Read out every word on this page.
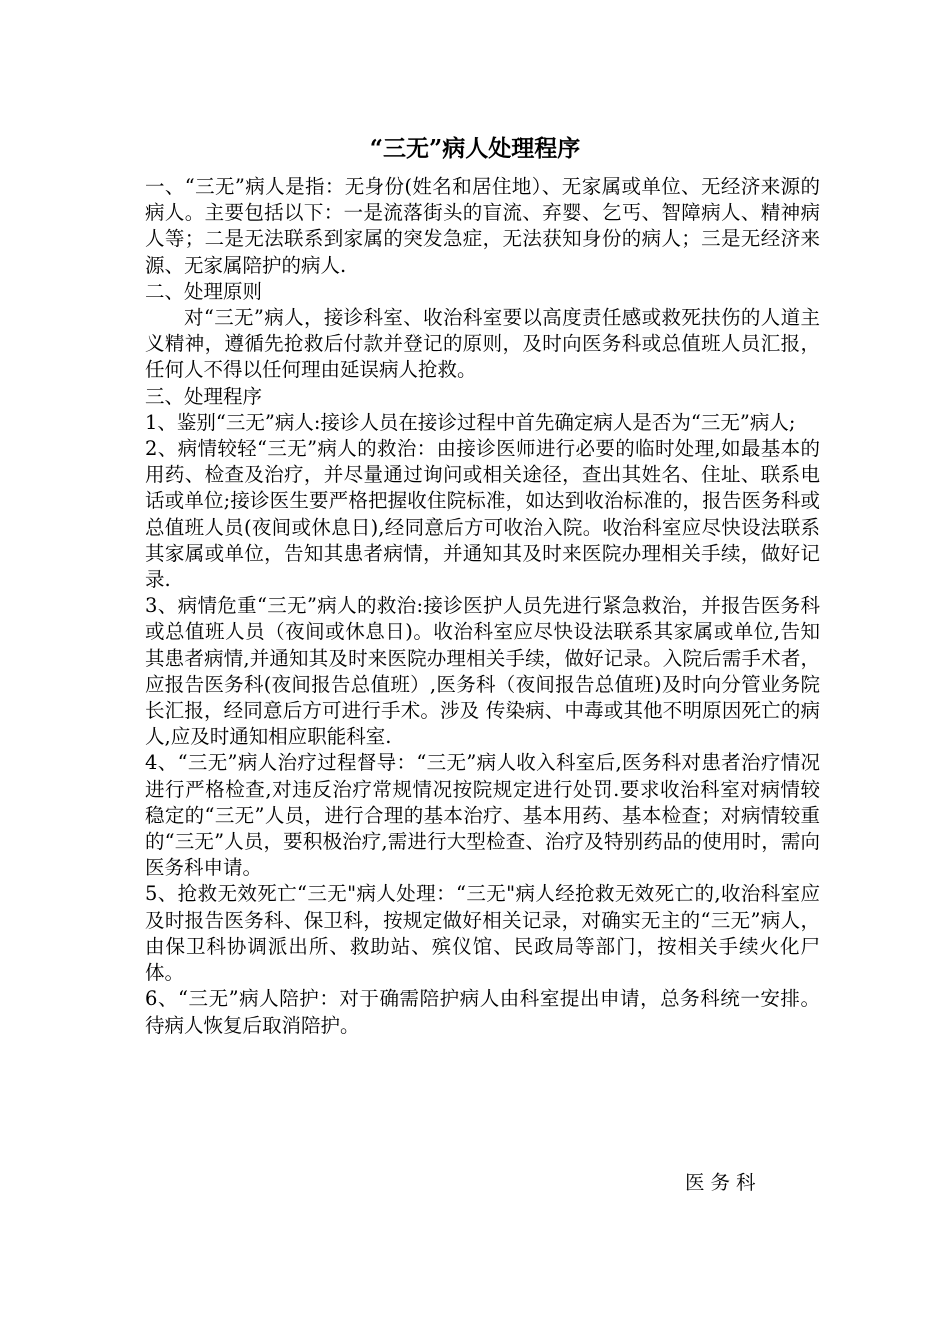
“三无”病人处理程序

一、“三无”病人是指：无身份(姓名和居住地）、无家属或单位、无经济来源的病人。主要包括以下：一是流落街头的盲流、弃婴、乞丐、智障病人、精神病人等；二是无法联系到家属的突发急症，无法获知身份的病人；三是无经济来源、无家属陪护的病人.

二、处理原则

对“三无”病人，接诊科室、收治科室要以高度责任感或救死扶伤的人道主义精神，遵循先抢救后付款并登记的原则，及时向医务科或总值班人员汇报，任何人不得以任何理由延误病人抢救。

三、处理程序

1、鉴别“三无”病人:接诊人员在接诊过程中首先确定病人是否为“三无”病人;

2、病情较轻“三无”病人的救治：由接诊医师进行必要的临时处理,如最基本的用药、检查及治疗，并尽量通过询问或相关途径，查出其姓名、住址、联系电话或单位;接诊医生要严格把握收住院标准，如达到收治标准的，报告医务科或总值班人员(夜间或休息日),经同意后方可收治入院。收治科室应尽快设法联系其家属或单位，告知其患者病情，并通知其及时来医院办理相关手续，做好记录.

3、病情危重“三无”病人的救治:接诊医护人员先进行紧急救治，并报告医务科或总值班人员（夜间或休息日)。收治科室应尽快设法联系其家属或单位,告知其患者病情,并通知其及时来医院办理相关手续，做好记录。入院后需手术者，应报告医务科(夜间报告总值班）,医务科（夜间报告总值班)及时向分管业务院长汇报，经同意后方可进行手术。涉及 传染病、中毒或其他不明原因死亡的病人,应及时通知相应职能科室.

4、“三无”病人治疗过程督导：“三无”病人收入科室后,医务科对患者治疗情况进行严格检查,对违反治疗常规情况按院规定进行处罚.要求收治科室对病情较稳定的“三无”人员，进行合理的基本治疗、基本用药、基本检查；对病情较重的“三无”人员，要积极治疗,需进行大型检查、治疗及特别药品的使用时，需向医务科申请。

5、抢救无效死亡“三无"病人处理：“三无"病人经抢救无效死亡的,收治科室应及时报告医务科、保卫科，按规定做好相关记录，对确实无主的“三无”病人，由保卫科协调派出所、救助站、殡仪馆、民政局等部门，按相关手续火化尸体。

6、“三无”病人陪护：对于确需陪护病人由科室提出申请，总务科统一安排。待病人恢复后取消陪护。

医务科
